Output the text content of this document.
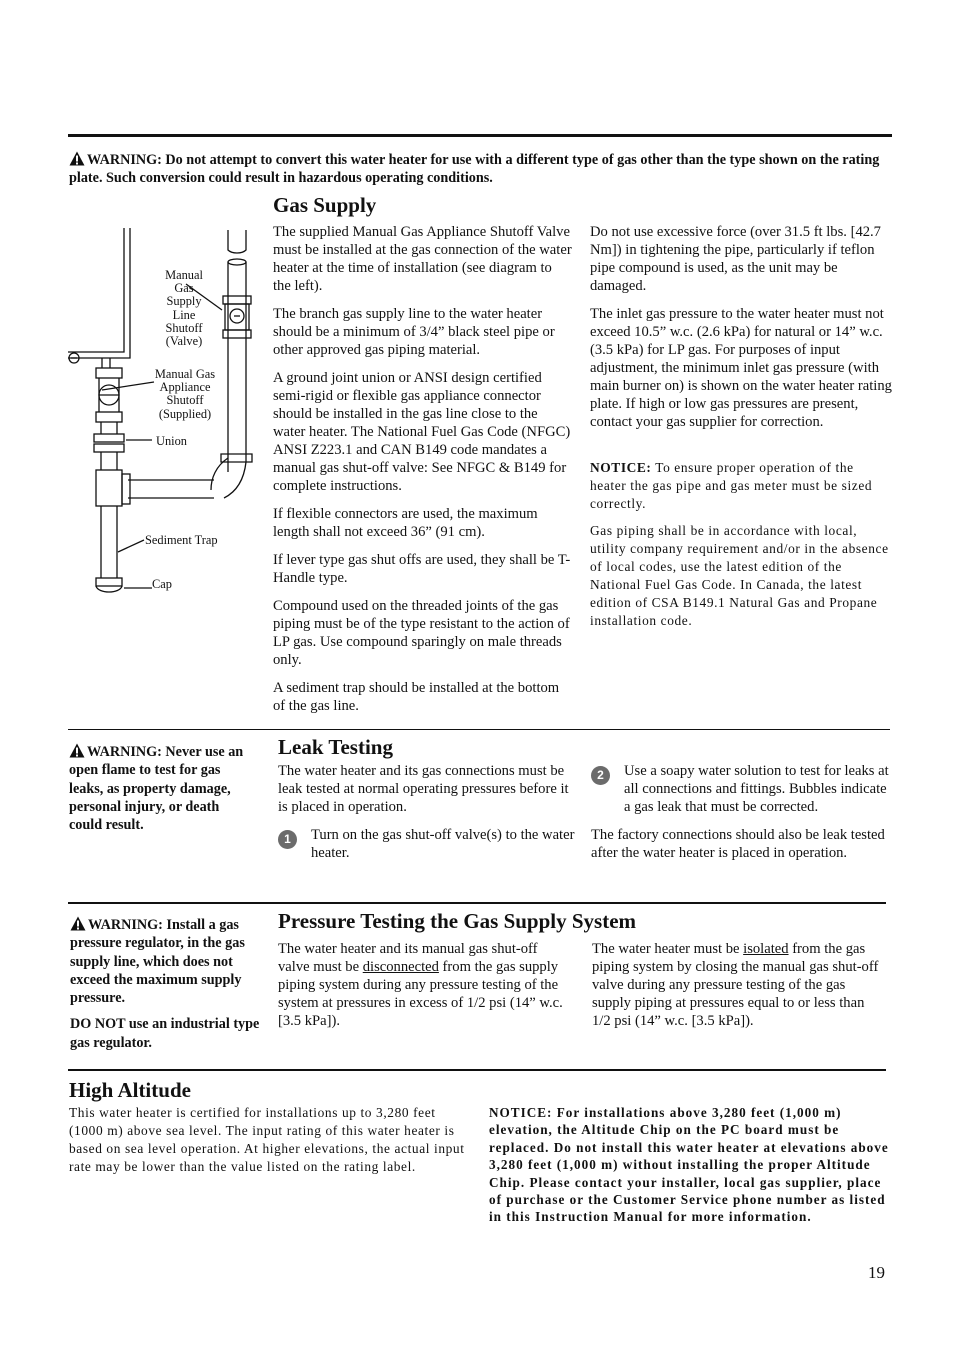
WARNING: Do not attempt to convert this water heater for use with a different type of gas other than the type shown on the rating plate. Such conversion could result in hazardous operating conditions.
Manual
Gas
Supply
Line
Shutoff
(Valve)
Manual Gas
Appliance
Shutoff
(Supplied)
Union
Sediment Trap
Cap
Gas Supply

The supplied Manual Gas Appliance Shutoff Valve must be installed at the gas connection of the water heater at the time of installation (see diagram to the left).

The branch gas supply line to the water heater should be a minimum of 3/4” black steel pipe or other approved gas piping material.

A ground joint union or ANSI design certified semi-rigid or flexible gas appliance connector should be installed in the gas line close to the water heater. The National Fuel Gas Code (NFGC) ANSI Z223.1 and CAN B149 code mandates a manual gas shut-off valve: See NFGC & B149 for complete instructions.

If flexible connectors are used, the maximum length shall not exceed 36” (91 cm).

If lever type gas shut offs are used, they shall be T-Handle type.

Compound used on the threaded joints of the gas piping must be of the type resistant to the action of LP gas. Use compound sparingly on male threads only.

A sediment trap should be installed at the bottom of the gas line.

Do not use excessive force (over 31.5 ft lbs. [42.7 Nm]) in tightening the pipe, particularly if teflon pipe compound is used, as the unit may be damaged.

The inlet gas pressure to the water heater must not exceed 10.5” w.c. (2.6 kPa) for natural or 14” w.c. (3.5 kPa) for LP gas. For purposes of input adjustment, the minimum inlet gas pressure (with main burner on) is shown on the water heater rating plate. If high or low gas pressures are present, contact your gas supplier for correction.

NOTICE: To ensure proper operation of the heater the gas pipe and gas meter must be sized correctly.

Gas piping shall be in accordance with local, utility company requirement and/or in the absence of local codes, use the latest edition of the National Fuel Gas Code. In Canada, the latest edition of CSA B149.1 Natural Gas and Propane installation code.

WARNING: Never use an open flame to test for gas leaks, as property damage, personal injury, or death could result.
Leak Testing

The water heater and its gas connections must be leak tested at normal operating pressures before it is placed in operation.

1	Turn on the gas shut-off valve(s) to the water heater.
2	Use a soapy water solution to test for leaks at all connections and fittings. Bubbles indicate a gas leak that must be corrected.

The factory connections should also be leak tested after the water heater is placed in operation.

WARNING: Install a gas pressure regulator, in the gas supply line, which does not exceed the maximum supply pressure.

DO NOT use an industrial type gas regulator.

Pressure Testing the Gas Supply System

The water heater and its manual gas shut-off valve must be disconnected from the gas supply piping system during any pressure testing of the system at pressures in excess of 1/2 psi (14” w.c. [3.5 kPa]).

The water heater must be isolated from the gas piping system by closing the manual gas shut-off valve during any pressure testing of the gas supply piping at pressures equal to or less than 1/2 psi (14” w.c. [3.5 kPa]).

High Altitude

This water heater is certified for installations up to 3,280 feet (1000 m) above sea level. The input rating of this water heater is based on sea level operation. At higher elevations, the actual input rate may be lower than the value listed on the rating label.

NOTICE: For installations above 3,280 feet (1,000 m) elevation, the Altitude Chip on the PC board must be replaced. Do not install this water heater at elevations above 3,280 feet (1,000 m) without installing the proper Altitude Chip. Please contact your installer, local gas supplier, place of purchase or the Customer Service phone number as listed in this Instruction Manual for more information.

19
